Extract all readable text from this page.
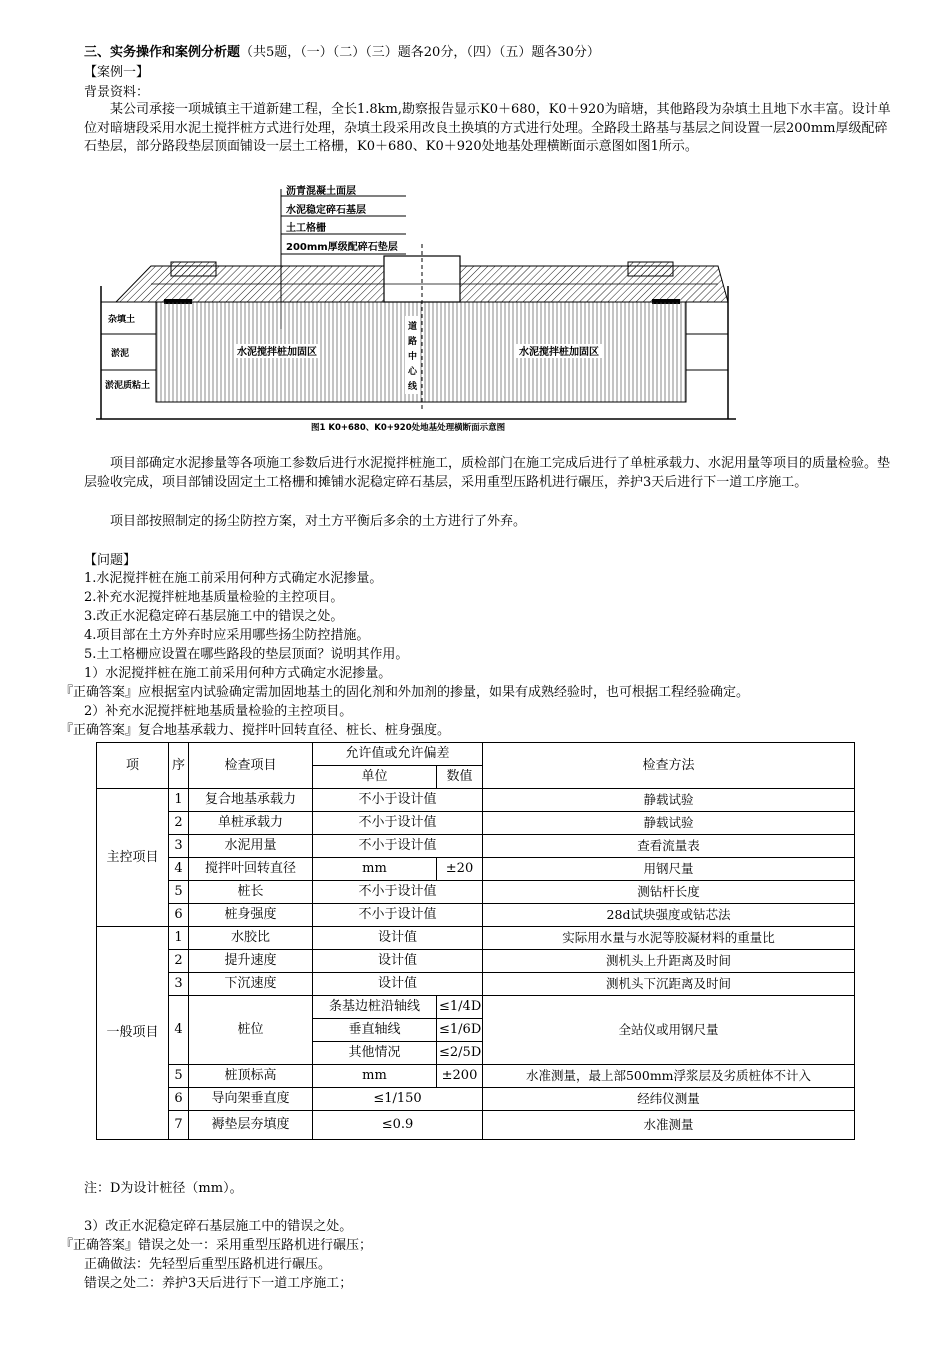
三、实务操作和案例分析题（共5题，（一）（二）（三）题各20分，（四）（五）题各30分）
【案例一】
背景资料：
某公司承接一项城镇主干道新建工程，全长1.8km,勘察报告显示K0＋680，K0＋920为暗塘，其他路段为杂填土且地下水丰富。设计单位对暗塘段采用水泥土搅拌桩方式进行处理，杂填土段采用改良土换填的方式进行处理。全路段土路基与基层之间设置一层200mm厚级配碎石垫层，部分路段垫层顶面铺设一层土工格栅，K0＋680、K0＋920处地基处理横断面示意图如图1所示。
沥青混凝土面层
水泥稳定碎石基层
土工格栅
200mm厚级配碎石垫层
杂填土
淤泥
淤泥质粘土
水泥搅拌桩加固区	水泥搅拌桩加固区
道
路
中
心
线
图1 K0+680、K0+920处地基处理横断面示意图
项目部确定水泥掺量等各项施工参数后进行水泥搅拌桩施工，质检部门在施工完成后进行了单桩承载力、水泥用量等项目的质量检验。垫层验收完成，项目部铺设固定土工格栅和摊铺水泥稳定碎石基层，采用重型压路机进行碾压，养护3天后进行下一道工序施工。
项目部按照制定的扬尘防控方案，对土方平衡后多余的土方进行了外弃。
【问题】
1.水泥搅拌桩在施工前采用何种方式确定水泥掺量。
2.补充水泥搅拌桩地基质量检验的主控项目。
3.改正水泥稳定碎石基层施工中的错误之处。
4.项目部在土方外弃时应采用哪些扬尘防控措施。
5.土工格栅应设置在哪些路段的垫层顶面？说明其作用。
1）水泥搅拌桩在施工前采用何种方式确定水泥掺量。
『正确答案』应根据室内试验确定需加固地基土的固化剂和外加剂的掺量，如果有成熟经验时，也可根据工程经验确定。
2）补充水泥搅拌桩地基质量检验的主控项目。
『正确答案』复合地基承载力、搅拌叶回转直径、桩长、桩身强度。
项	序	检查项目	允许值或允许偏差		检查方法
			单位	数值	
主控项目	1	复合地基承载力	不小于设计值		静载试验
	2	单桩承载力	不小于设计值		静载试验
	3	水泥用量	不小于设计值		查看流量表
	4	搅拌叶回转直径	mm	±20	用钢尺量
	5	桩长	不小于设计值		测钻杆长度
	6	桩身强度	不小于设计值		28d试块强度或钻芯法
一般项目	1	水胶比	设计值		实际用水量与水泥等胶凝材料的重量比
	2	提升速度	设计值		测机头上升距离及时间
	3	下沉速度	设计值		测机头下沉距离及时间
	4	桩位	条基边桩沿轴线	≤1/4D	全站仪或用钢尺量
			垂直轴线	≤1/6D	
			其他情况	≤2/5D	
	5	桩顶标高	mm	±200	水准测量，最上部500mm浮浆层及劣质桩体不计入
	6	导向架垂直度	≤1/150		经纬仪测量
	7	褥垫层夯填度	≤0.9		水准测量
注：D为设计桩径（mm）。
3）改正水泥稳定碎石基层施工中的错误之处。
『正确答案』错误之处一：采用重型压路机进行碾压；
正确做法：先轻型后重型压路机进行碾压。
错误之处二：养护3天后进行下一道工序施工；
